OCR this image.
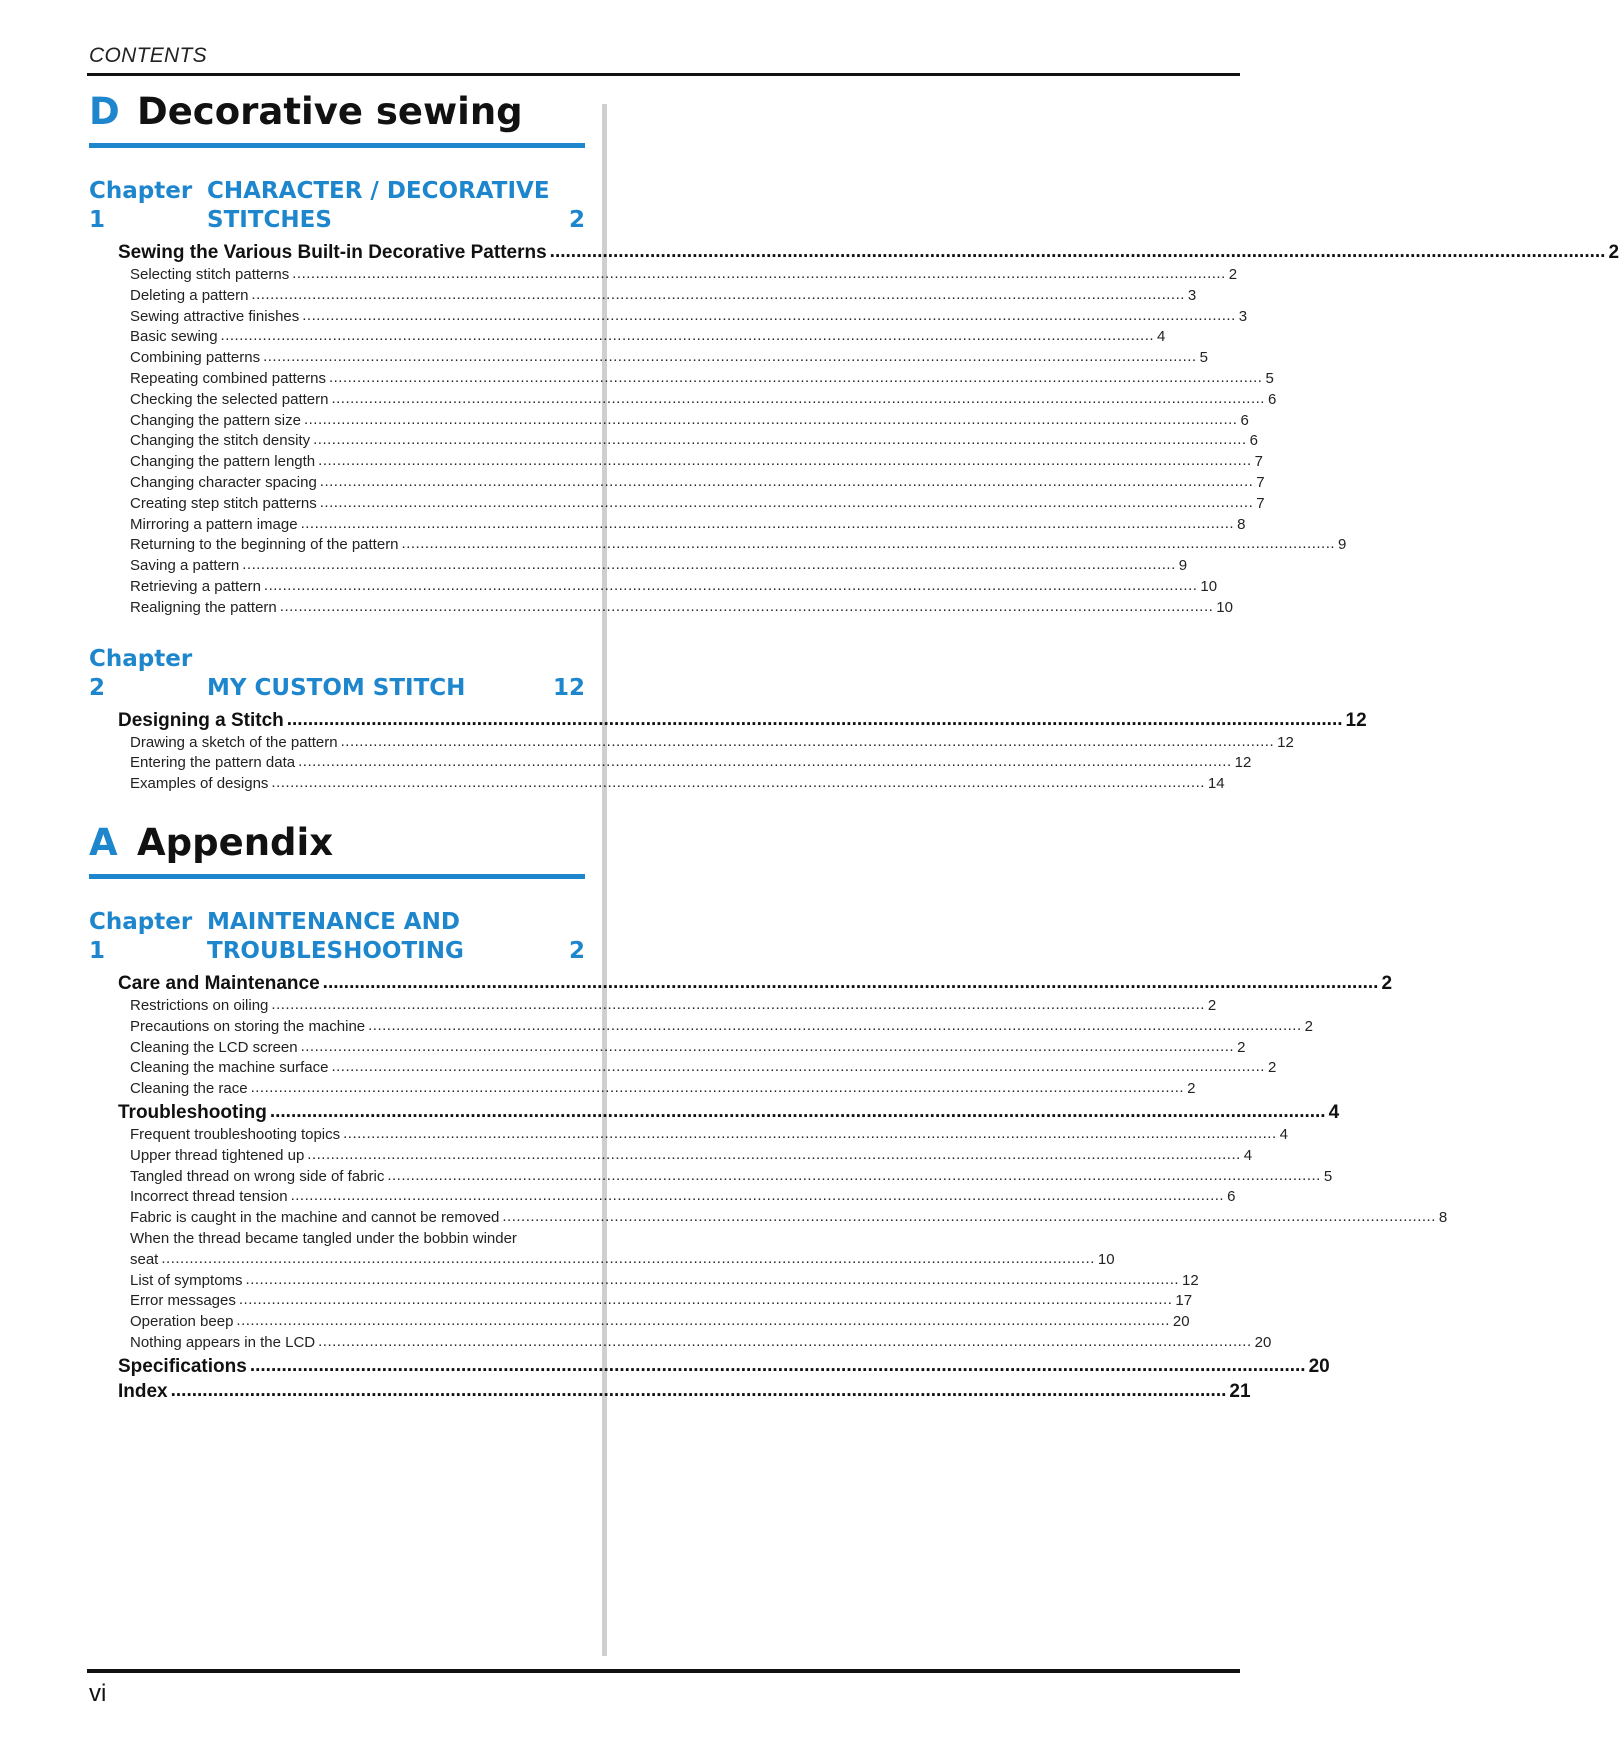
CONTENTS
D Decorative sewing
Chapter 1
CHARACTER / DECORATIVE
STITCHES	2
Sewing the Various Built-in Decorative Patterns ........................................................................................................................................................................................................ 2
Selecting stitch patterns ........................................................................................................................................................................................................ 2
Deleting a pattern ........................................................................................................................................................................................................ 3
Sewing attractive finishes ........................................................................................................................................................................................................ 3
Basic sewing ........................................................................................................................................................................................................ 4
Combining patterns ........................................................................................................................................................................................................ 5
Repeating combined patterns ........................................................................................................................................................................................................ 5
Checking the selected pattern ........................................................................................................................................................................................................ 6
Changing the pattern size ........................................................................................................................................................................................................ 6
Changing the stitch density ........................................................................................................................................................................................................ 6
Changing the pattern length ........................................................................................................................................................................................................ 7
Changing character spacing ........................................................................................................................................................................................................ 7
Creating step stitch patterns ........................................................................................................................................................................................................ 7
Mirroring a pattern image ........................................................................................................................................................................................................ 8
Returning to the beginning of the pattern ........................................................................................................................................................................................................ 9
Saving a pattern ........................................................................................................................................................................................................ 9
Retrieving a pattern ........................................................................................................................................................................................................ 10
Realigning the pattern ........................................................................................................................................................................................................ 10
Chapter 2	MY CUSTOM STITCH	12
Designing a Stitch ........................................................................................................................................................................................................ 12
Drawing a sketch of the pattern ........................................................................................................................................................................................................ 12
Entering the pattern data ........................................................................................................................................................................................................ 12
Examples of designs ........................................................................................................................................................................................................ 14
A Appendix
Chapter 1
MAINTENANCE AND
TROUBLESHOOTING	2
Care and Maintenance ........................................................................................................................................................................................................ 2
Restrictions on oiling ........................................................................................................................................................................................................ 2
Precautions on storing the machine ........................................................................................................................................................................................................ 2
Cleaning the LCD screen ........................................................................................................................................................................................................ 2
Cleaning the machine surface ........................................................................................................................................................................................................ 2
Cleaning the race ........................................................................................................................................................................................................ 2
Troubleshooting ........................................................................................................................................................................................................ 4
Frequent troubleshooting topics ........................................................................................................................................................................................................ 4
Upper thread tightened up ........................................................................................................................................................................................................ 4
Tangled thread on wrong side of fabric ........................................................................................................................................................................................................ 5
Incorrect thread tension ........................................................................................................................................................................................................ 6
Fabric is caught in the machine and cannot be removed ........................................................................................................................................................................................................ 8
When the thread became tangled under the bobbin winder
seat ........................................................................................................................................................................................................ 10
List of symptoms ........................................................................................................................................................................................................ 12
Error messages ........................................................................................................................................................................................................ 17
Operation beep ........................................................................................................................................................................................................ 20
Nothing appears in the LCD ........................................................................................................................................................................................................ 20
Specifications ........................................................................................................................................................................................................ 20
Index ........................................................................................................................................................................................................ 21
vi
